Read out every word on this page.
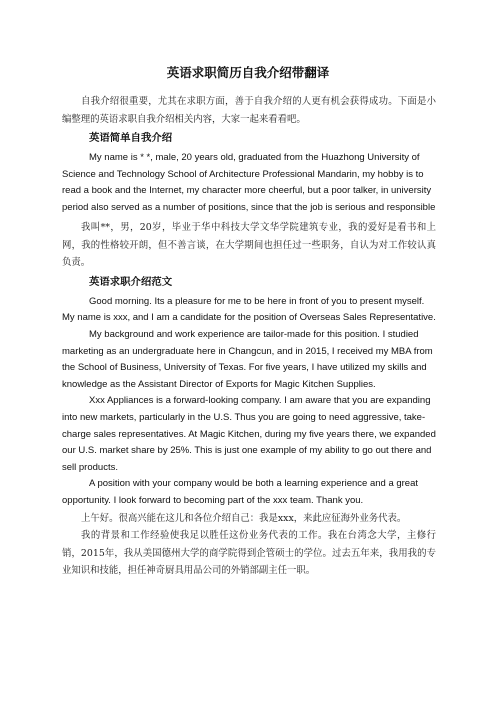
英语求职简历自我介绍带翻译

自我介绍很重要，尤其在求职方面，善于自我介绍的人更有机会获得成功。下面是小编整理的英语求职自我介绍相关内容，大家一起来看看吧。

英语简单自我介绍

My name is * *, male, 20 years old, graduated from the Huazhong University of Science and Technology School of Architecture Professional Mandarin, my hobby is to read a book and the Internet, my character more cheerful, but a poor talker, in university period also served as a number of positions, since that the job is serious and responsible

我叫**，男，20岁，毕业于华中科技大学文华学院建筑专业，我的爱好是看书和上网，我的性格较开朗，但不善言谈，在大学期间也担任过一些职务，自认为对工作较认真负责。

英语求职介绍范文

Good morning. Its a pleasure for me to be here in front of you to present myself. My name is xxx, and I am a candidate for the position of Overseas Sales Representative.

My background and work experience are tailor-made for this position. I studied marketing as an undergraduate here in Changcun, and in 2015, I received my MBA from the School of Business, University of Texas. For five years, I have utilized my skills and knowledge as the Assistant Director of Exports for Magic Kitchen Supplies.

Xxx Appliances is a forward-looking company. I am aware that you are expanding into new markets, particularly in the U.S. Thus you are going to need aggressive, take-charge sales representatives. At Magic Kitchen, during my five years there, we expanded our U.S. market share by 25%. This is just one example of my ability to go out there and sell products.

A position with your company would be both a learning experience and a great opportunity. I look forward to becoming part of the xxx team. Thank you.

上午好。很高兴能在这儿和各位介绍自己：我是xxx，来此应征海外业务代表。

我的背景和工作经验使我足以胜任这份业务代表的工作。我在台湾念大学，主修行销，2015年，我从美国德州大学的商学院得到企管硕士的学位。过去五年来，我用我的专业知识和技能，担任神奇厨具用品公司的外销部副主任一职。
